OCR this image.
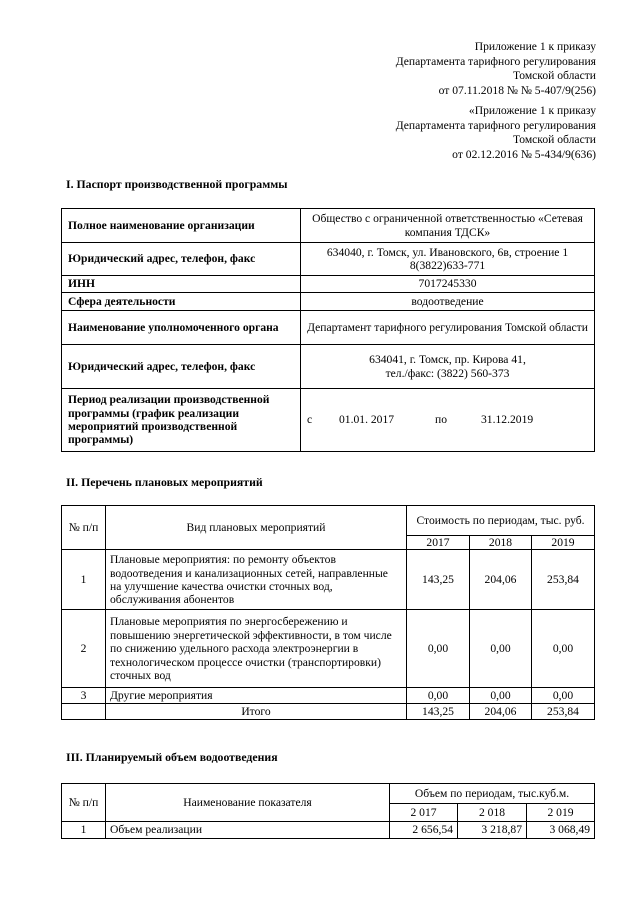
Приложение 1 к приказу
Департамента тарифного регулирования
Томской области
от 07.11.2018 № № 5-407/9(256)
«Приложение 1 к приказу
Департамента тарифного регулирования
Томской области
от 02.12.2016 № 5-434/9(636)
I. Паспорт производственной программы
Полное наименование организации	Общество с ограниченной ответственностью «Сетевая компания ТДСК»
Юридический адрес, телефон, факс	634040, г. Томск, ул. Ивановского, 6в, строение 1 8(3822)633-771
ИНН	7017245330
Сфера деятельности	водоотведение
Наименование уполномоченного органа	Департамент тарифного регулирования Томской области
Юридический адрес, телефон, факс	634041, г. Томск, пр. Кирова 41,
тел./факс: (3822) 560-373

Период реализации производственной программы (график реализации мероприятий производственной программы)	с 01.01. 2017 по 31.12.2019
II. Перечень плановых мероприятий
№ п/п	Вид плановых мероприятий	Стоимость по периодам, тыс. руб.		
		2017	2018	2019
1	Плановые мероприятия: по ремонту объектов водоотведения и канализационных сетей, направленные на улучшение качества очистки сточных вод, обслуживания абонентов	143,25	204,06	253,84
2	Плановые мероприятия по энергосбережению и повышению энергетической эффективности, в том числе по снижению удельного расхода электроэнергии в технологическом процессе очистки (транспортировки) сточных вод	0,00	0,00	0,00
3	Другие мероприятия	0,00	0,00	0,00
	Итого	143,25	204,06	253,84
III. Планируемый объем водоотведения
№ п/п	Наименование показателя	Объем по периодам, тыс.куб.м.		
		2 017	2 018	2 019
1	Объем реализации	2 656,54	3 218,87	3 068,49
